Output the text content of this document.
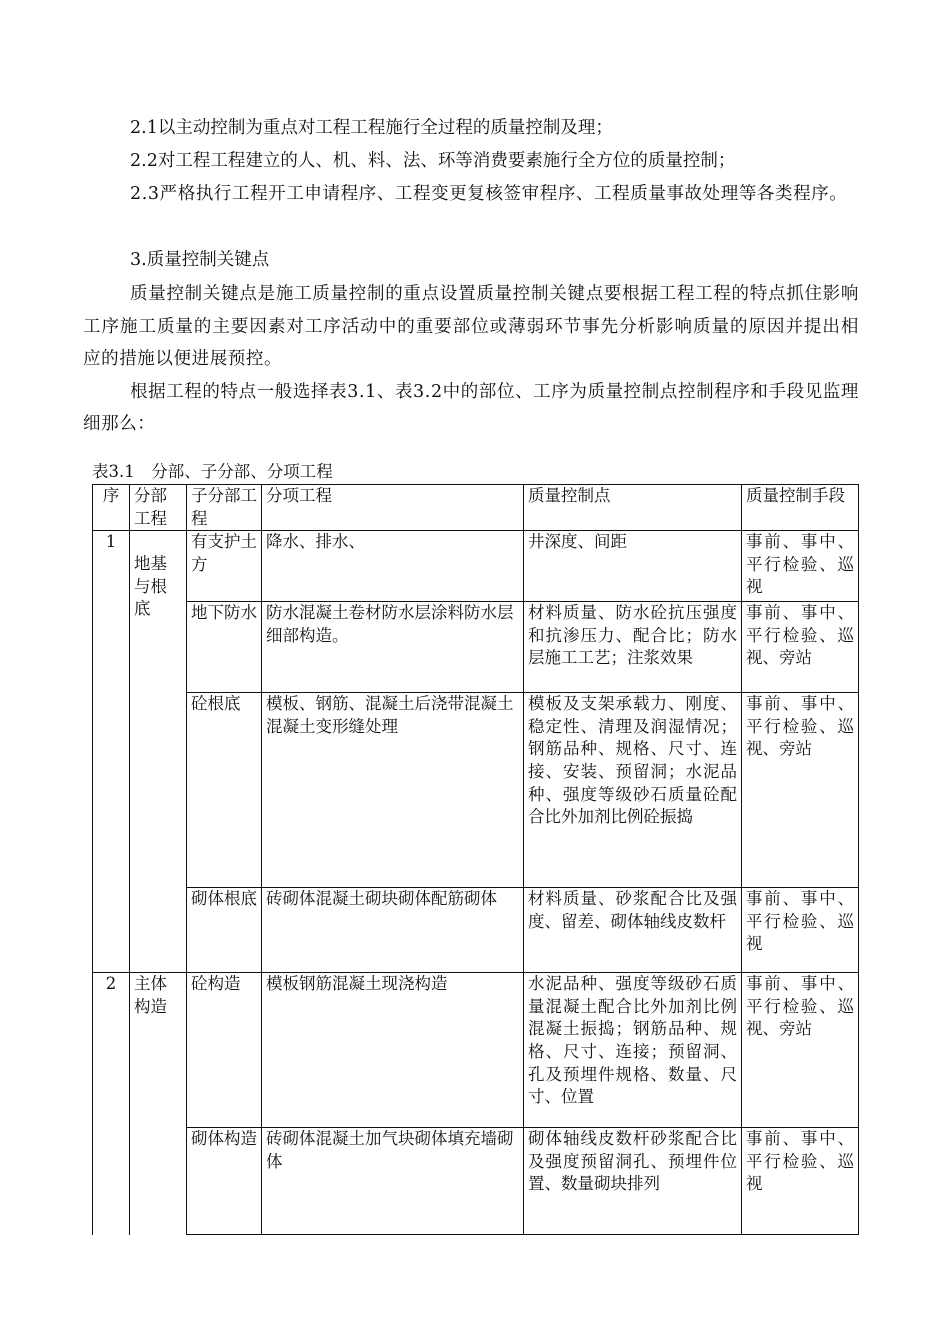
2.1以主动控制为重点对工程工程施行全过程的质量控制及理；
2.2对工程工程建立的人、机、料、法、环等消费要素施行全方位的质量控制；
2.3严格执行工程开工申请程序、工程变更复核签审程序、工程质量事故处理等各类程序。
3.质量控制关键点
质量控制关键点是施工质量控制的重点设置质量控制关键点要根据工程工程的特点抓住影响工序施工质量的主要因素对工序活动中的重要部位或薄弱环节事先分析影响质量的原因并提出相应的措施以便进展预控。
根据工程的特点一般选择表3.1、表3.2中的部位、工序为质量控制点控制程序和手段见监理细那么：
表3.1　分部、子分部、分项工程
序	分部工程	子分部工程	分项工程	质量控制点	质量控制手段
1	地基与根底	有支护土方	降水、排水、	井深度、间距	事前、事中、平行检验、巡视
		地下防水	防水混凝土卷材防水层涂料防水层细部构造。	材料质量、防水砼抗压强度和抗渗压力、配合比；防水层施工工艺；注浆效果	事前、事中、平行检验、巡视、旁站
		砼根底	模板、钢筋、混凝土后浇带混凝土混凝土变形缝处理	模板及支架承载力、刚度、稳定性、清理及润湿情况；钢筋品种、规格、尺寸、连接、安装、预留洞；水泥品种、强度等级砂石质量砼配合比外加剂比例砼振捣	事前、事中、平行检验、巡视、旁站
		砌体根底	砖砌体混凝土砌块砌体配筋砌体	材料质量、砂浆配合比及强度、留差、砌体轴线皮数杆	事前、事中、平行检验、巡视
2	主体构造	砼构造	模板钢筋混凝土现浇构造	水泥品种、强度等级砂石质量混凝土配合比外加剂比例混凝土振捣；钢筋品种、规格、尺寸、连接；预留洞、孔及预埋件规格、数量、尺寸、位置	事前、事中、平行检验、巡视、旁站
		砌体构造	砖砌体混凝土加气块砌体填充墙砌体	砌体轴线皮数杆砂浆配合比及强度预留洞孔、预埋件位置、数量砌块排列	事前、事中、平行检验、巡视
